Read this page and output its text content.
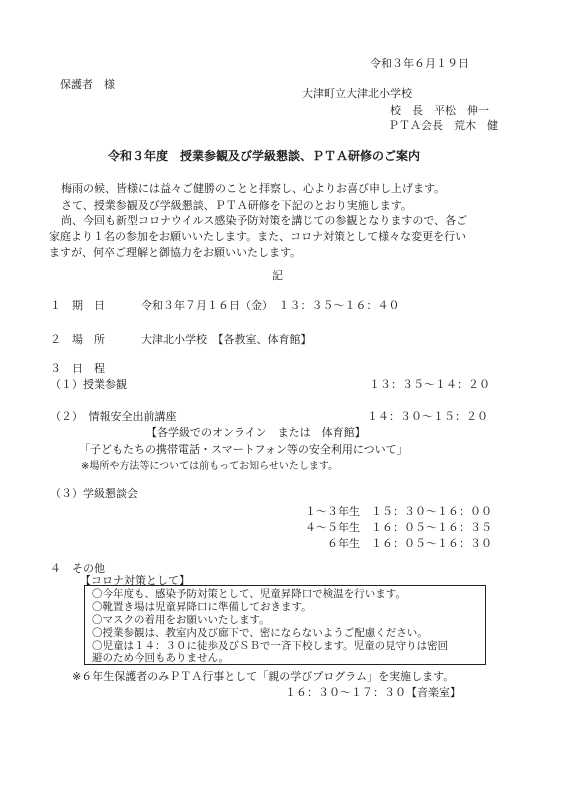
令和３年６月１９日
保護者　様
大津町立大津北小学校
校　長　平松　伸一
ＰＴＡ会長　荒木　健
令和３年度　授業参観及び学級懇談、ＰＴＡ研修のご案内
梅雨の候、皆様には益々ご健勝のことと拝察し、心よりお喜び申し上げます。
さて、授業参観及び学級懇談、ＰＴＡ研修を下記のとおり実施します。
尚、今回も新型コロナウイルス感染予防対策を講じての参観となりますので、各ご
家庭より１名の参加をお願いいたします。また、コロナ対策として様々な変更を行い
ますが、何卒ご理解と御協力をお願いいたします。
記
１　期　日	令和３年７月１６日（金）　１３：３５～１６：４０
２　場　所	大津北小学校　【各教室、体育館】
３　日　程
（１）授業参観	１３：３５～１４：２０
（２）　情報安全出前講座	１４：３０～１５：２０
【各学級でのオンライン　または　体育館】
「子どもたちの携帯電話・スマートフォン等の安全利用について」
※場所や方法等については前もってお知らせいたします。
（３）学級懇談会
１～３年生 １５：３０～１６：００
４～５年生 １６：０５～１６：３５
６年生 １６：０５～１６：３０
４　その他
【コロナ対策として】
〇今年度も、感染予防対策として、児童昇降口で検温を行います。
〇靴置き場は児童昇降口に準備しておきます。
〇マスクの着用をお願いいたします。
〇授業参観は、教室内及び廊下で、密にならないようご配慮ください。
〇児童は１４：３０に徒歩及びＳＢで一斉下校します。児童の見守りは密回
避のため今回もありません。
※６年生保護者のみＰＴＡ行事として「親の学びプログラム」を実施します。
１６：３０～１７：３０【音楽室】
